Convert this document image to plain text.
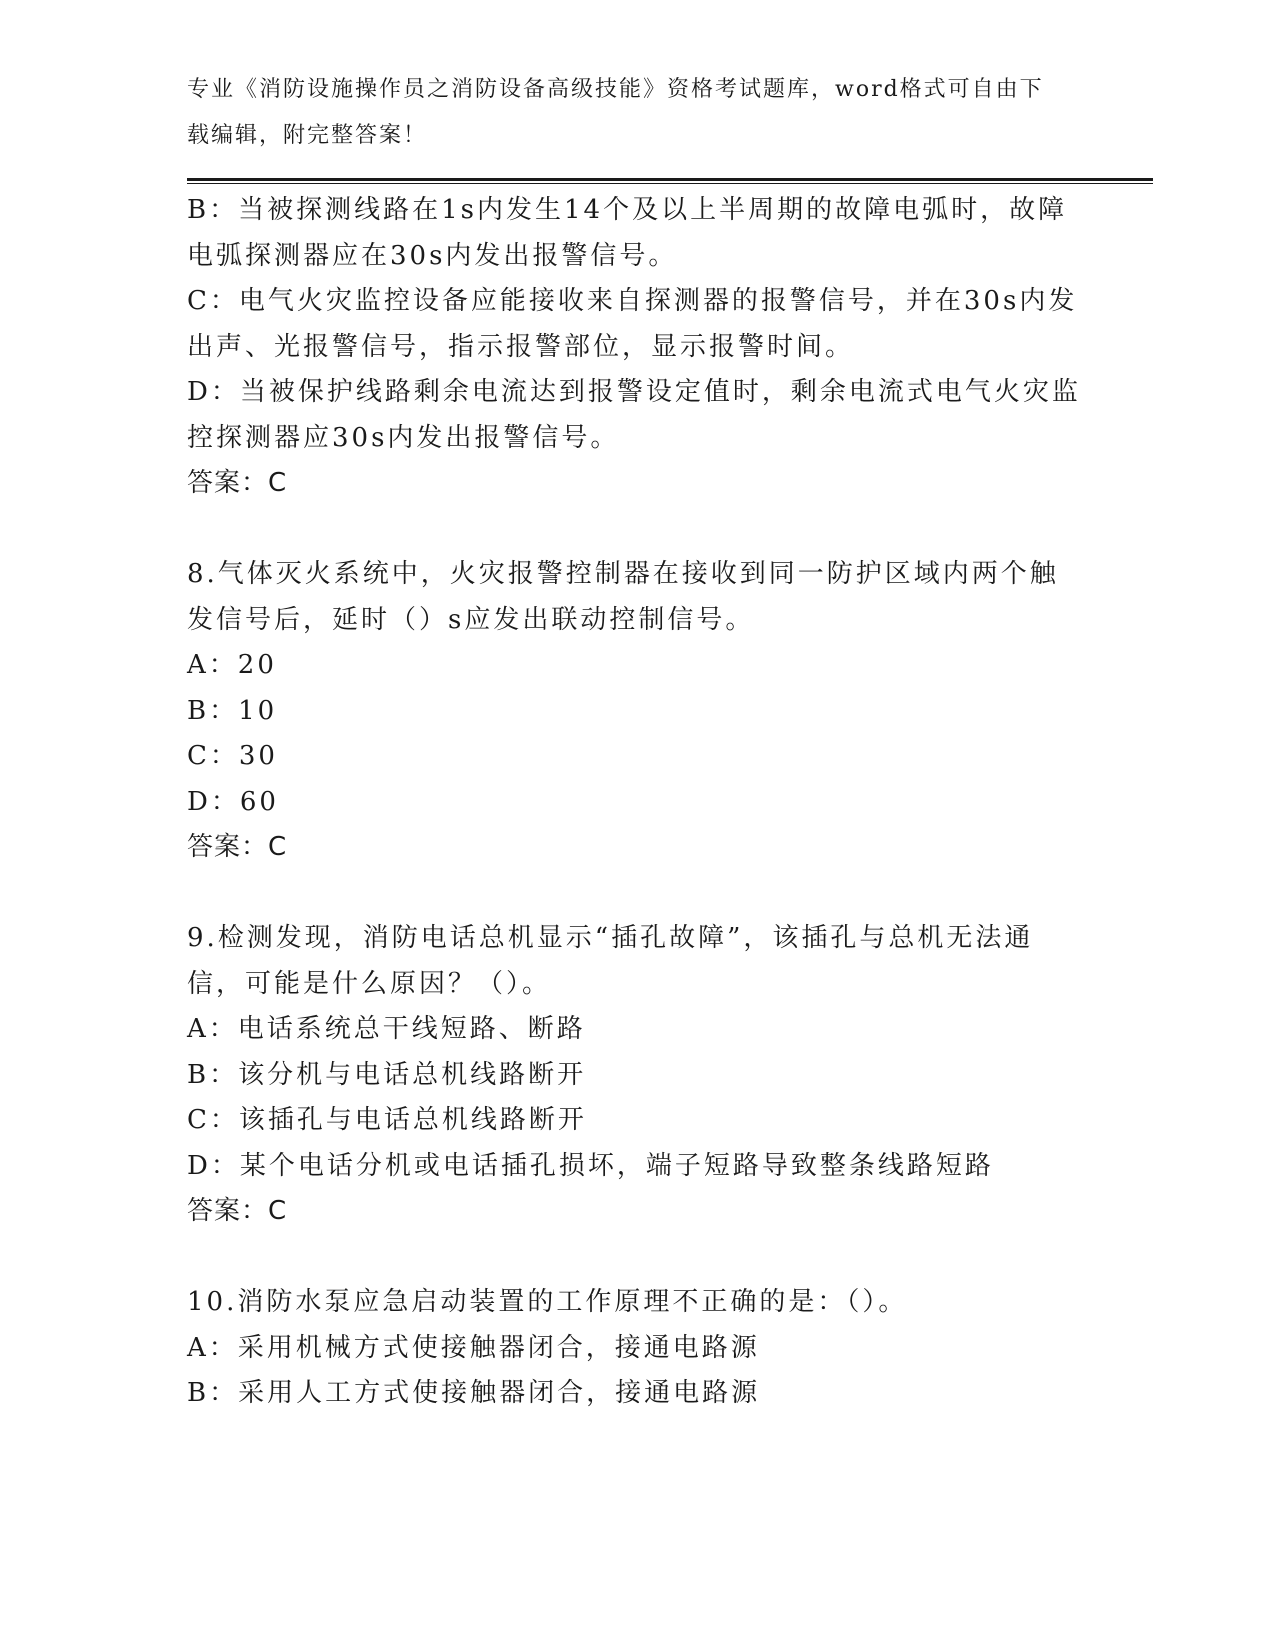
专业《消防设施操作员之消防设备高级技能》资格考试题库，word格式可自由下
载编辑，附完整答案！
B：当被探测线路在1s内发生14个及以上半周期的故障电弧时，故障
电弧探测器应在30s内发出报警信号。
C：电气火灾监控设备应能接收来自探测器的报警信号，并在30s内发
出声、光报警信号，指示报警部位，显示报警时间。
D：当被保护线路剩余电流达到报警设定值时，剩余电流式电气火灾监
控探测器应30s内发出报警信号。
答案：C
8.气体灭火系统中，火灾报警控制器在接收到同一防护区域内两个触
发信号后，延时（）s应发出联动控制信号。
A：20
B：10
C：30
D：60
答案：C
9.检测发现，消防电话总机显示“插孔故障”，该插孔与总机无法通
信，可能是什么原因？（）。
A：电话系统总干线短路、断路
B：该分机与电话总机线路断开
C：该插孔与电话总机线路断开
D：某个电话分机或电话插孔损坏，端子短路导致整条线路短路
答案：C
10.消防水泵应急启动装置的工作原理不正确的是：（）。
A：采用机械方式使接触器闭合，接通电路源
B：采用人工方式使接触器闭合，接通电路源
